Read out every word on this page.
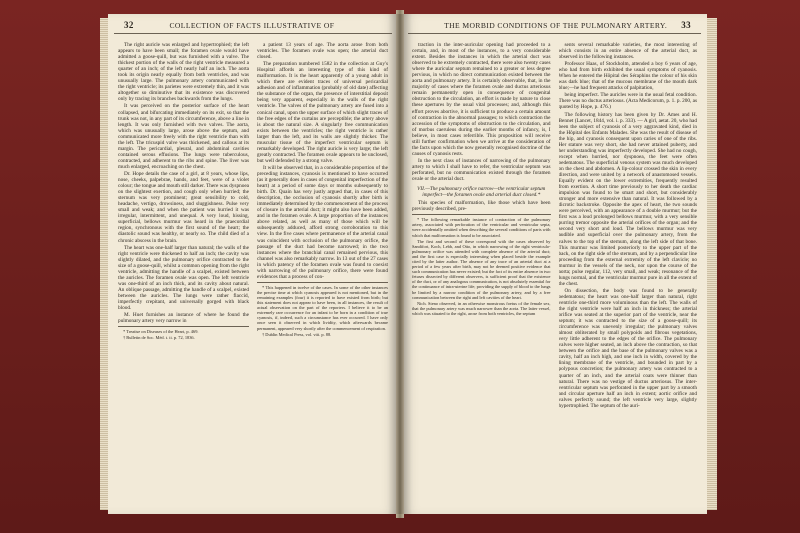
32	COLLECTION OF FACTS ILLUSTRATIVE OF

The right auricle was enlarged and hypertrophied; the left appears to have been small; the foramen ovale would have admitted a goose-quill, but was furnished with a valve. The thickest portion of the walls of the right ventricle measured a quarter of an inch; of the left nearly half an inch. The aorta took its origin nearly equally from both ventricles, and was unusually large. The pulmonary artery communicated with the right ventricle; its parietes were extremely thin, and it was altogether so diminutive that its existence was discovered only by tracing its branches backwards from the lungs.

It was perceived on the posterior surface of the heart collapsed, and bifurcating immediately on its exit, so that the trunk was not, in any part of its circumference, above a line in length. It was only furnished with two valves. The aorta, which was unusually large, arose above the septum, and communicated more freely with the right ventricle than with the left. The tricuspid valve was thickened, and callous at its margin. The pericardial, pleural, and abdominal cavities contained serous effusions. The lungs were tuberculous, contracted, and adherent to the ribs and spine. The liver was much enlarged, encroaching on the chest.

Dr. Hope details the case of a girl, at 8 years, whose lips, nose, cheeks, palpebrae, hands, and feet, were of a violet colour; the tongue and mouth still darker. There was dyspnoea on the slightest exertion, and cough only when hurried; the sternum was very prominent; great sensibility to cold, headache, vertigo, drowsiness, and sluggishness. Pulse very small and weak; and when the patient was hurried it was irregular, intermittent, and unequal. A very loud, hissing, superficial, bellows murmur was heard in the praecordial region, synchronous with the first sound of the heart; the diastolic sound was healthy, or nearly so. The child died of a chronic abscess in the brain.

The heart was one-half larger than natural; the walls of the right ventricle were thickened to half an inch; the cavity was slightly dilated, and the pulmonary orifice contracted to the size of a goose-quill, whilst a common opening from the right ventricle, admitting the handle of a scalpel, existed between the auricles. The foramen ovale was open. The left ventricle was one-third of an inch thick, and its cavity about natural. An oblique passage, admitting the handle of a scalpel, existed between the auricles. The lungs were rather flaccid, imperfectly crepitant, and universally gorged with black blood.

M. Huet furnishes an instance of where he found the pulmonary artery very narrow in

* Treatise on Diseases of the Heart, p. 469.

† Bulletin de Soc. Méd. t. ii. p. 72, 1836.

a patient 13 years of age. The aorta arose from both ventricles. The foramen ovale was open; the arterial duct closed.

The preparation numbered 1582 in the collection at Guy's Hospital affords an interesting type of this kind of malformation. It is the heart apparently of a young adult in which there are evident traces of universal pericardial adhesion and of inflammation (probably of old date) affecting the substance of the organ, the presence of interstitial deposit being very apparent, especially in the walls of the right ventricle. The valves of the pulmonary artery are fused into a conical canal, upon the upper surface of which slight traces of the free edges of the curtains are perceptible; the artery above is about the natural size. A singularly free communication exists between the ventricles; the right ventricle is rather larger than the left, and its walls are slightly thicker. The muscular tissue of the imperfect ventricular septum is remarkably developed. The right auricle is very large; the left greatly contracted. The foramen ovale appears to be unclosed, but well defended by a strong valve.

It will be observed that, in a considerable proportion of the preceding instances, cyanosis is mentioned to have occurred (as it generally does in cases of congenital imperfection of the heart) at a period of some days or months subsequently to birth. Dr. Quain has very justly argued that, in cases of this description, the occlusion of cyanosis shortly after birth is immediately determined by the commencement of the process of closure in the arterial duct; it might also have been added, and in the foramen ovale. A large proportion of the instances above related, as well as many of those which will be subsequently adduced, afford strong corroboration to this view. In the five cases where permanence of the arterial canal was coincident with occlusion of the pulmonary orifice, the passage of the duct had become narrowed; in the two instances where the branchial canal remained pervious, this channel was also remarkably narrow. In 13 out of the 27 cases in which patency of the foramen ovale was found to coexist with narrowing of the pulmonary orifice, there were found evidences that a process of con-

* This happened in twelve of the cases. In some of the other instances the precise time at which cyanosis appeared is not mentioned, but in the remaining examples (four) it is reported to have existed from birth; but this statement does not appear to have been, in all instances, the result of actual observation on the part of the reporters. I believe it to be an extremely rare occurrence for an infant to be born in a condition of true cyanosis, if, indeed, such a circumstance has ever occurred. I have only once seen it observed in which lividity, which afterwards became permanent, appeared very shortly after the commencement of respiration.

† Dublin Medical Press, vol. viii. p. 88.

THE MORBID CONDITIONS OF THE PULMONARY ARTERY. 33

traction in the inter-auricular opening had proceeded to a certain, and, in most of the instances, to a very considerable extent. Besides the instances in which the arterial duct was observed to be extremely contracted, there were also twenty cases where the auricular septum remained to a greater or less degree pervious, in which no direct communication existed between the aorta and pulmonary artery. It is certainly observable, that, in the majority of cases where the foramen ovale and ductus arteriosus remain permanently open in consequence of congenital obstruction to the circulation, an effort is made by nature to close these apertures by the usual vital processes; and, although this effort proves abortive, it is sufficient to produce a certain amount of contraction in the abnormal passages; to which contraction the accession of the symptoms of obstruction to the circulation, and of morbus caeruleus during the earlier months of infancy, is, I believe, in most cases referrible. This proposition will receive still further confirmation when we arrive at the consideration of the facts upon which the now generally recognised doctrine of the causes of cyanosis rests.

In the next class of instances of narrowing of the pulmonary artery to which I shall have to refer, the ventricular septum was perforated, but no communication existed through the foramen ovale or the arterial duct.

VII.—The pulmonary orifice narrow—the ventricular septum imperfect—the foramen ovale and arterial duct closed.*

This species of malformation, like those which have been previously described, pre-

* The following remarkable instance of contraction of the pulmonary artery, associated with perforation of the ventricular and ventricular septa, were accidentally omitted when describing the several conditions of parts with which that malformation is found to be associated.

The first and second of these correspond with the cases observed by Sandifort, Koch, Lebb, and Otto, in which narrowing of the right ventriculo-pulmonary orifice was attended with complete absence of the arterial duct; and the first case is especially interesting when placed beside the example cited by the latter author. The absence of any trace of an arterial duct at a period of a few years after birth, may not be deemed positive evidence that such communication has never existed; but the fact of its entire absence in two fetuses dissected by different observers, is sufficient proof that the existence of the duct, or of any analogous communication, is not absolutely essential for the continuance of intra-uterine life; providing the supply of blood to the lungs be limited by a narrow condition of the pulmonary artery, and by a free communication between the right and left cavities of the heart.

Nich. Steno observed, in an otherwise monstrous foetus of the female sex, that the pulmonary artery was much narrower than the aorta. The latter vessel, which was situated to the right, arose from both ventricles, the septum

sents several remarkable varieties, the most interesting of which consists in an entire absence of the arterial duct, as observed in the following instances.

Professor Haas, of Stockholm, attended a boy 6 years of age, who had from birth exhibited the usual symptoms of cyanosis. When he entered the Hôpital des Séraphins the colour of his skin was dark blue; that of the mucous membrane of the mouth dark blue;—he had frequent attacks of palpitation,

being imperfect. The auricles were in the usual fetal condition. There was no ductus arteriosus. (Acta Medicorum, p. 1. p. 200, as quoted by Hope, p. 476.)

The following history has been given by Dr. Ames and H. Bennet (Lancet, 1844, vol. i. p. 333). — A girl, aetat. 20, who had been the subject of cyanosis of a very aggravated kind, died in the Hôpital des Enfants Malades. She was the result of disease of the hip, and cyanosis consequent upon caries of one of the ribs. Her stature was very short, she had never attained puberty, and her understanding was imperfectly developed. She had no cough, except when hurried, nor dyspnoea, the feet were often oedematous. The superficial venous system was much developed on the chest and abdomen. A lip-colour crossed the skin in every direction, and were united by a network of anastomosed vessels. Equally evident on the lower extremities, frequently resulted from exertion. A short time previously to her death the cardiac impulsion was found to be smart and short, but considerably stronger and more extensive than natural. It was followed by a dicrotic backstroke. Opposite the apex of heart, the two sounds were perceived, with an appearance of a double murmur; but the first was a loud prolonged bellows murmur, with a very sensible purring tremor opposite the arterial orifices of the organ; and the second very short and loud. The bellows murmur was very audible and superficial over the pulmonary artery, from the valves to the top of the sternum, along the left side of that bone. This murmur was limited posteriorly to the upper part of the back, on the right side of the sternum, and by a perpendicular line proceeding from the external extremity of the left clavicle; no murmur in the vessels of the neck, nor upon the course of the aorta; pulse regular, 112, very small, and weak; resonance of the lungs normal, and the ventricular murmur pure in all the extent of the chest.

On dissection, the body was found to be generally oedematous; the heart was one-half larger than natural, right ventricle one-third more voluminous than the left. The walls of the right ventricle were half an inch in thickness; the arterial orifice was seated at the superior part of the ventricle, near the septum; it was contracted to the size of a goose-quill; its circumference was unevenly irregular; the pulmonary valves almost obliterated by small polypoids and fibrous vegetations, very little adherent to the edges of the orifice. The pulmonary valves were higher seated, an inch above the contraction, so that between the orifice and the base of the pulmonary valves was a cavity, half an inch high, and one inch in width, covered by the lining membrane of the ventricle, and bounded in part by a polypous concretion; the pulmonary artery was contracted to a quarter of an inch, and the arterial coats were thinner than natural. There was no vestige of ductus arteriosus. The inter-ventricular septum was perforated in the upper part by a smooth and circular aperture half an inch in extent; aortic orifice and valves perfectly sound; the left ventricle very large, slightly hypertrophied. The septum of the auri-
